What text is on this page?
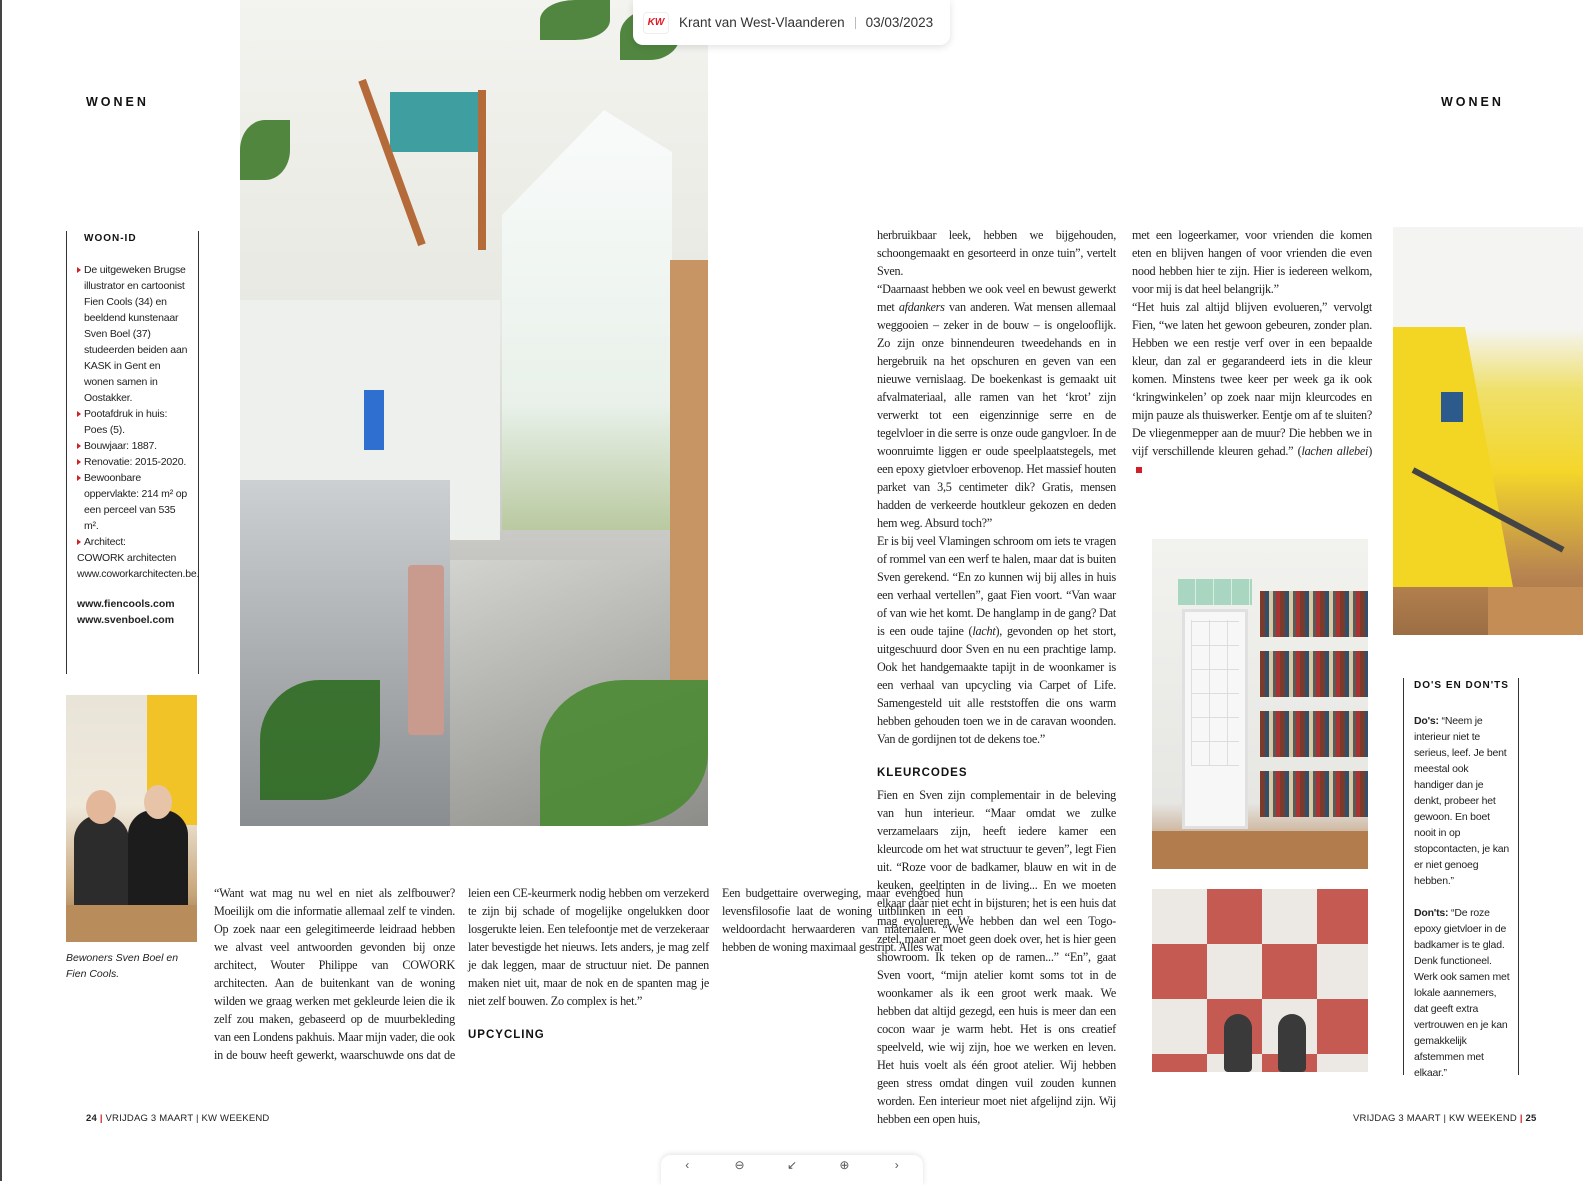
KW	Krant van West-Vlaanderen 03/03/2023
WONEN	WONEN
WOON-ID
De uitgeweken Brugse illustrator en cartoonist Fien Cools (34) en beeldend kunstenaar Sven Boel (37) studeerden beiden aan KASK in Gent en wonen samen in Oostakker.
Pootafdruk in huis: Poes (5).
Bouwjaar: 1887.
Renovatie: 2015-2020.
Bewoonbare oppervlakte: 214 m² op een perceel van 535 m².
Architect:
COWORK architecten www.coworkarchitecten.be.
www.fiencools.com
www.svenboel.com
Bewoners Sven Boel en Fien Cools.

“Want wat mag nu wel en niet als zelfbouwer? Moeilijk om die informatie allemaal zelf te vinden. Op zoek naar een gelegitimeerde leidraad hebben we alvast veel antwoorden gevonden bij onze architect, Wouter Philippe van COWORK architecten. Aan de buitenkant van de woning wilden we graag werken met gekleurde leien die ik zelf zou maken, gebaseerd op de muurbekleding van een Londens pakhuis. Maar mijn vader, die ook in de bouw heeft gewerkt, waarschuwde ons dat de leien een CE-keurmerk nodig hebben om verzekerd te zijn bij schade of mogelijke ongelukken door losgerukte leien. Een telefoontje met de verzekeraar later bevestigde het nieuws. Iets anders, je mag zelf je dak leggen, maar de structuur niet. De pannen maken niet uit, maar de nok en de spanten mag je niet zelf bouwen. Zo complex is het.”

UPCYCLING

Een budgettaire overweging, maar evengoed hun levensfilosofie laat de woning uitblinken in een weldoordacht herwaarderen van materialen. “We hebben de woning maximaal gestript. Alles wat

herbruikbaar leek, hebben we bijgehouden, schoongemaakt en gesorteerd in onze tuin”, vertelt Sven.

“Daarnaast hebben we ook veel en bewust gewerkt met afdankers van anderen. Wat mensen allemaal weggooien – zeker in de bouw – is ongelooflijk. Zo zijn onze binnendeuren tweedehands en in hergebruik na het opschuren en geven van een nieuwe vernislaag. De boekenkast is gemaakt uit afvalmateriaal, alle ramen van het ‘krot’ zijn verwerkt tot een eigenzinnige serre en de tegelvloer in die serre is onze oude gangvloer. In de woonruimte liggen er oude speelplaatstegels, met een epoxy gietvloer erbovenop. Het massief houten parket van 3,5 centimeter dik? Gratis, mensen hadden de verkeerde houtkleur gekozen en deden hem weg. Absurd toch?”

Er is bij veel Vlamingen schroom om iets te vragen of rommel van een werf te halen, maar dat is buiten Sven gerekend. “En zo kunnen wij bij alles in huis een verhaal vertellen”, gaat Fien voort. “Van waar of van wie het komt. De hanglamp in de gang? Dat is een oude tajine (lacht), gevonden op het stort, uitgeschuurd door Sven en nu een prachtige lamp. Ook het handgemaakte tapijt in de woonkamer is een verhaal van upcycling via Carpet of Life. Samengesteld uit alle reststoffen die ons warm hebben gehouden toen we in de caravan woonden. Van de gordijnen tot de dekens toe.”

KLEURCODES

Fien en Sven zijn complementair in de beleving van hun interieur. “Maar omdat we zulke verzamelaars zijn, heeft iedere kamer een kleurcode om het wat structuur te geven”, legt Fien uit. “Roze voor de badkamer, blauw en wit in de keuken, geeltinten in de living... En we moeten elkaar daar niet echt in bijsturen; het is een huis dat mag evolueren. We hebben dan wel een Togo-zetel, maar er moet geen doek over, het is hier geen showroom. Ik teken op de ramen...” “En”, gaat Sven voort, “mijn atelier komt soms tot in de woonkamer als ik een groot werk maak. We hebben dat altijd gezegd, een huis is meer dan een cocon waar je warm hebt. Het is ons creatief speelveld, wie wij zijn, hoe we werken en leven. Het huis voelt als één groot atelier. Wij hebben geen stress omdat dingen vuil zouden kunnen worden. Een interieur moet niet afgelijnd zijn. Wij hebben een open huis,

met een logeerkamer, voor vrienden die komen eten en blijven hangen of voor vrienden die even nood hebben hier te zijn. Hier is iedereen welkom, voor mij is dat heel belangrijk.”

“Het huis zal altijd blijven evolueren,” vervolgt Fien, “we laten het gewoon gebeuren, zonder plan. Hebben we een restje verf over in een bepaalde kleur, dan zal er gegarandeerd iets in die kleur komen. Minstens twee keer per week ga ik ook ‘kringwinkelen’ op zoek naar mijn kleurcodes en mijn pauze als thuiswerker. Eentje om af te sluiten? De vliegenmepper aan de muur? Die hebben we in vijf verschillende kleuren gehad.” (lachen allebei)

DO'S EN DON'TS

Do's: “Neem je interieur niet te serieus, leef. Je bent meestal ook handiger dan je denkt, probeer het gewoon. En boet nooit in op stopcontacten, je kan er niet genoeg hebben.”

Don'ts: “De roze epoxy gietvloer in de badkamer is te glad. Denk functioneel. Werk ook samen met lokale aannemers, dat geeft extra vertrouwen en je kan gemakkelijk afstemmen met elkaar.”

24 | VRIJDAG 3 MAART | KW WEEKEND	VRIJDAG 3 MAART | KW WEEKEND | 25
‹	⊖	↙	⊕	›
